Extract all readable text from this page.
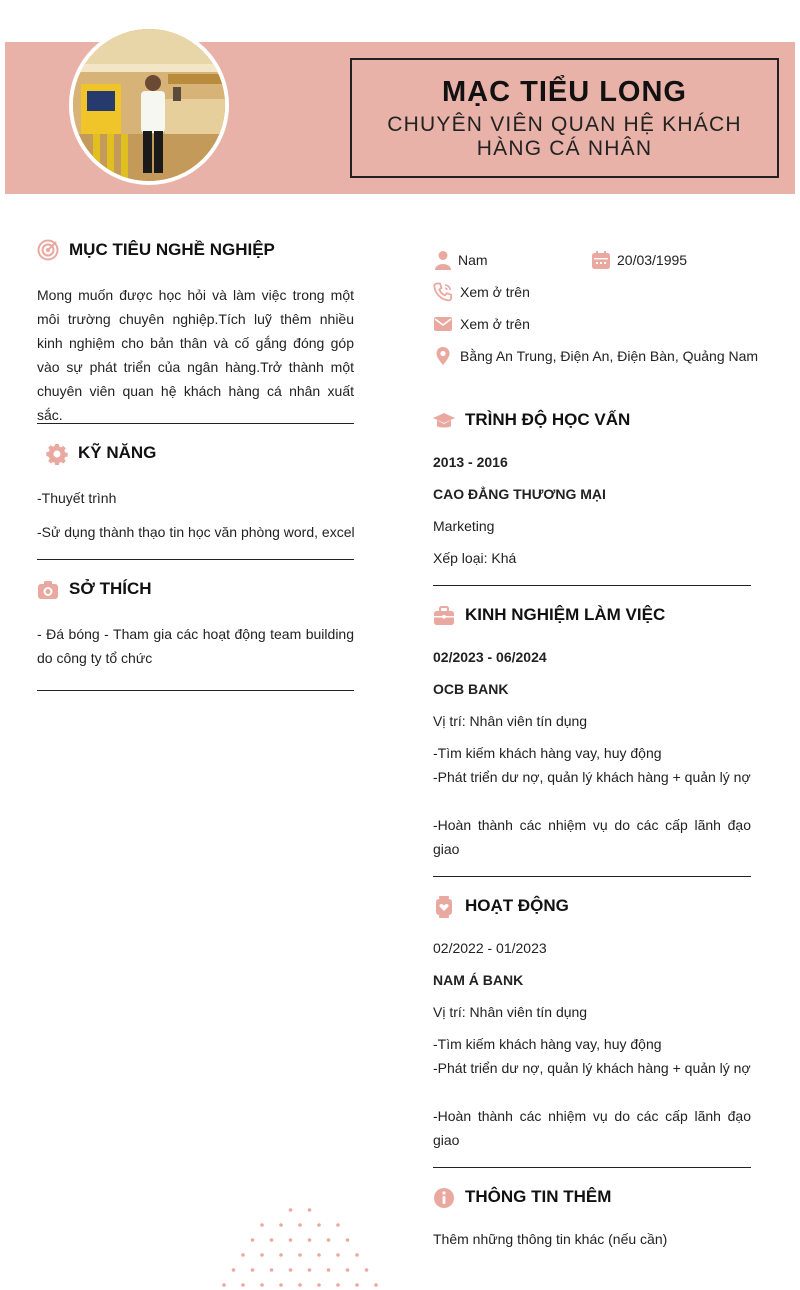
MẠC TIỂU LONG
CHUYÊN VIÊN QUAN HỆ KHÁCH HÀNG CÁ NHÂN
MỤC TIÊU NGHỀ NGHIỆP
Mong muốn được học hỏi và làm việc trong một môi trường chuyên nghiệp.Tích luỹ thêm nhiều kinh nghiệm cho bản thân và cố gắng đóng góp vào sự phát triển của ngân hàng.Trở thành một chuyên viên quan hệ khách hàng cá nhân xuất sắc.
KỸ NĂNG
-Thuyết trình
-Sử dụng thành thạo tin học văn phòng word, excel
SỞ THÍCH
- Đá bóng - Tham gia các hoạt động team building do công ty tổ chức
Nam	20/03/1995
Xem ở trên
Xem ở trên
Bằng An Trung, Điện An, Điện Bàn, Quảng Nam
TRÌNH ĐỘ HỌC VẤN
2013 - 2016
CAO ĐẲNG THƯƠNG MẠI
Marketing
Xếp loại: Khá
KINH NGHIỆM LÀM VIỆC
02/2023 - 06/2024
OCB BANK
Vị trí: Nhân viên tín dụng
-Tìm kiếm khách hàng vay, huy động
-Phát triển dư nợ, quản lý khách hàng + quản lý nợ
-Hoàn thành các nhiệm vụ do các cấp lãnh đạo giao
HOẠT ĐỘNG
02/2022 - 01/2023
NAM Á BANK
Vị trí: Nhân viên tín dụng
-Tìm kiếm khách hàng vay, huy động
-Phát triển dư nợ, quản lý khách hàng + quản lý nợ
-Hoàn thành các nhiệm vụ do các cấp lãnh đạo giao
THÔNG TIN THÊM
Thêm những thông tin khác (nếu cần)
